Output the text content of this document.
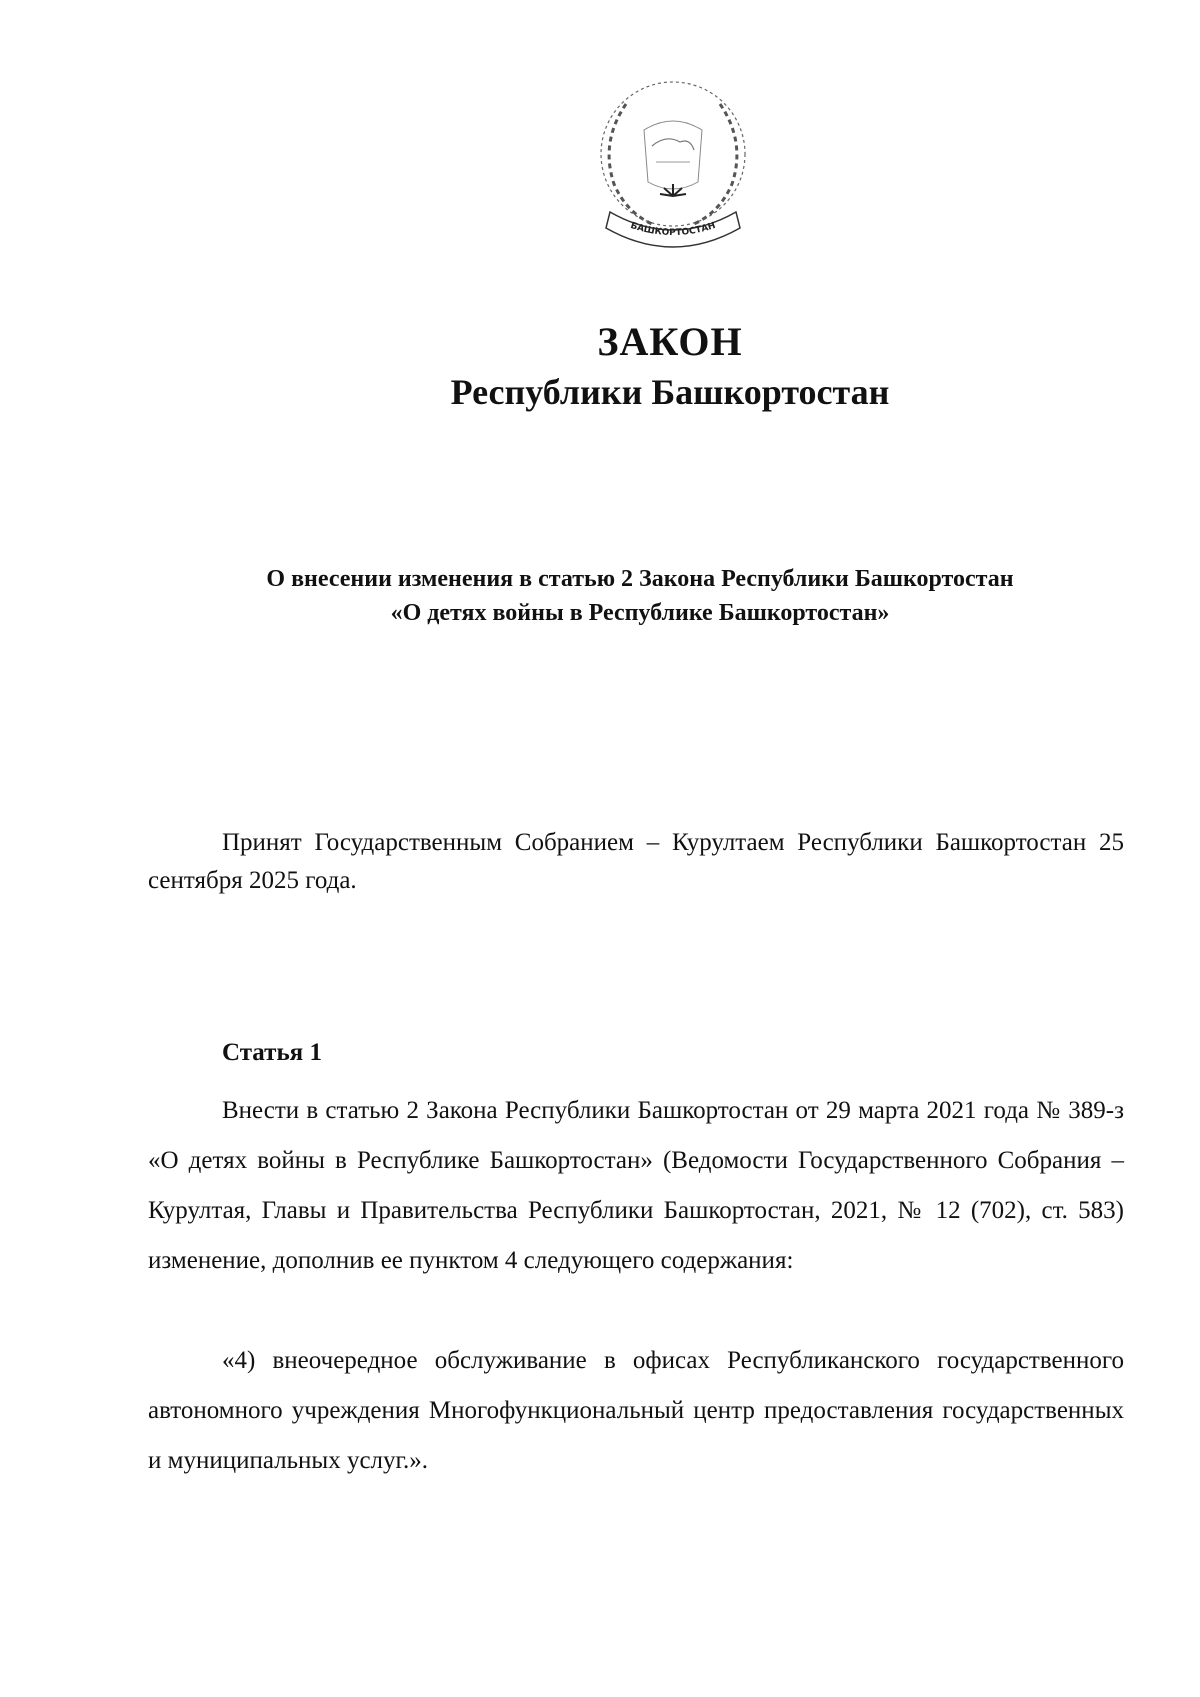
БАШКОРТОСТАН
ЗАКОН
Республики Башкортостан
О внесении изменения в статью 2 Закона Республики Башкортостан
«О детях войны в Республике Башкортостан»
Принят Государственным Собранием – Курултаем Республики Башкортостан 25 сентября 2025 года.
Статья 1

Внести в статью 2 Закона Республики Башкортостан от 29 марта 2021 года № 389-з «О детях войны в Республике Башкортостан» (Ведомости Государственного Собрания – Курултая, Главы и Правительства Республики Башкортостан, 2021, № 12 (702), ст. 583) изменение, дополнив ее пунктом 4 следующего содержания:

«4) внеочередное обслуживание в офисах Республиканского государственного автономного учреждения Многофункциональный центр предоставления государственных и муниципальных услуг.».
